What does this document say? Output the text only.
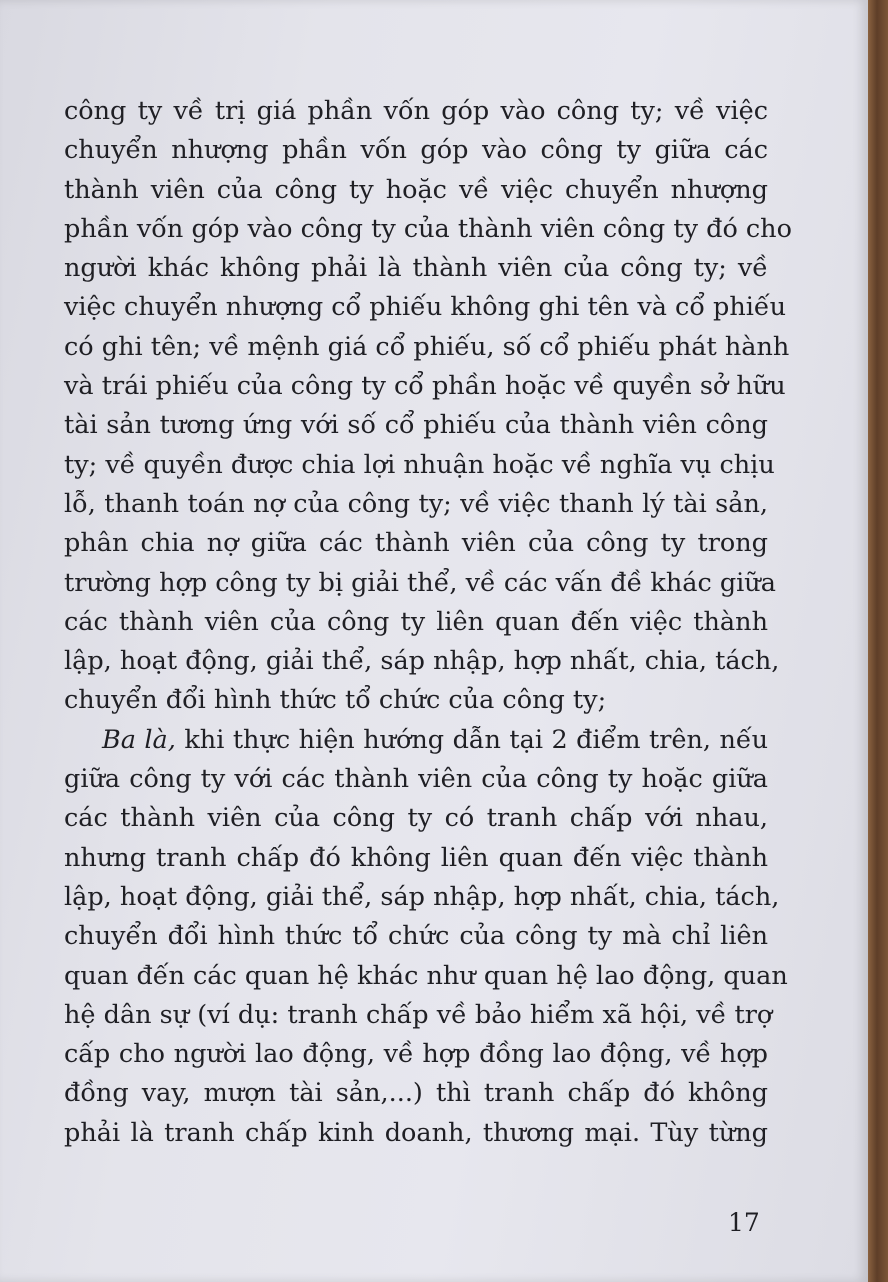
công ty về trị giá phần vốn góp vào công ty; về việc
chuyển nhượng phần vốn góp vào công ty giữa các
thành viên của công ty hoặc về việc chuyển nhượng
phần vốn góp vào công ty của thành viên công ty đó cho
người khác không phải là thành viên của công ty; về
việc chuyển nhượng cổ phiếu không ghi tên và cổ phiếu
có ghi tên; về mệnh giá cổ phiếu, số cổ phiếu phát hành
và trái phiếu của công ty cổ phần hoặc về quyền sở hữu
tài sản tương ứng với số cổ phiếu của thành viên công
ty; về quyền được chia lợi nhuận hoặc về nghĩa vụ chịu
lỗ, thanh toán nợ của công ty; về việc thanh lý tài sản,
phân chia nợ giữa các thành viên của công ty trong
trường hợp công ty bị giải thể, về các vấn đề khác giữa
các thành viên của công ty liên quan đến việc thành
lập, hoạt động, giải thể, sáp nhập, hợp nhất, chia, tách,
chuyển đổi hình thức tổ chức của công ty;
Ba là, khi thực hiện hướng dẫn tại 2 điểm trên, nếu
giữa công ty với các thành viên của công ty hoặc giữa
các thành viên của công ty có tranh chấp với nhau,
nhưng tranh chấp đó không liên quan đến việc thành
lập, hoạt động, giải thể, sáp nhập, hợp nhất, chia, tách,
chuyển đổi hình thức tổ chức của công ty mà chỉ liên
quan đến các quan hệ khác như quan hệ lao động, quan
hệ dân sự (ví dụ: tranh chấp về bảo hiểm xã hội, về trợ
cấp cho người lao động, về hợp đồng lao động, về hợp
đồng vay, mượn tài sản,...) thì tranh chấp đó không
phải là tranh chấp kinh doanh, thương mại. Tùy từng
17
